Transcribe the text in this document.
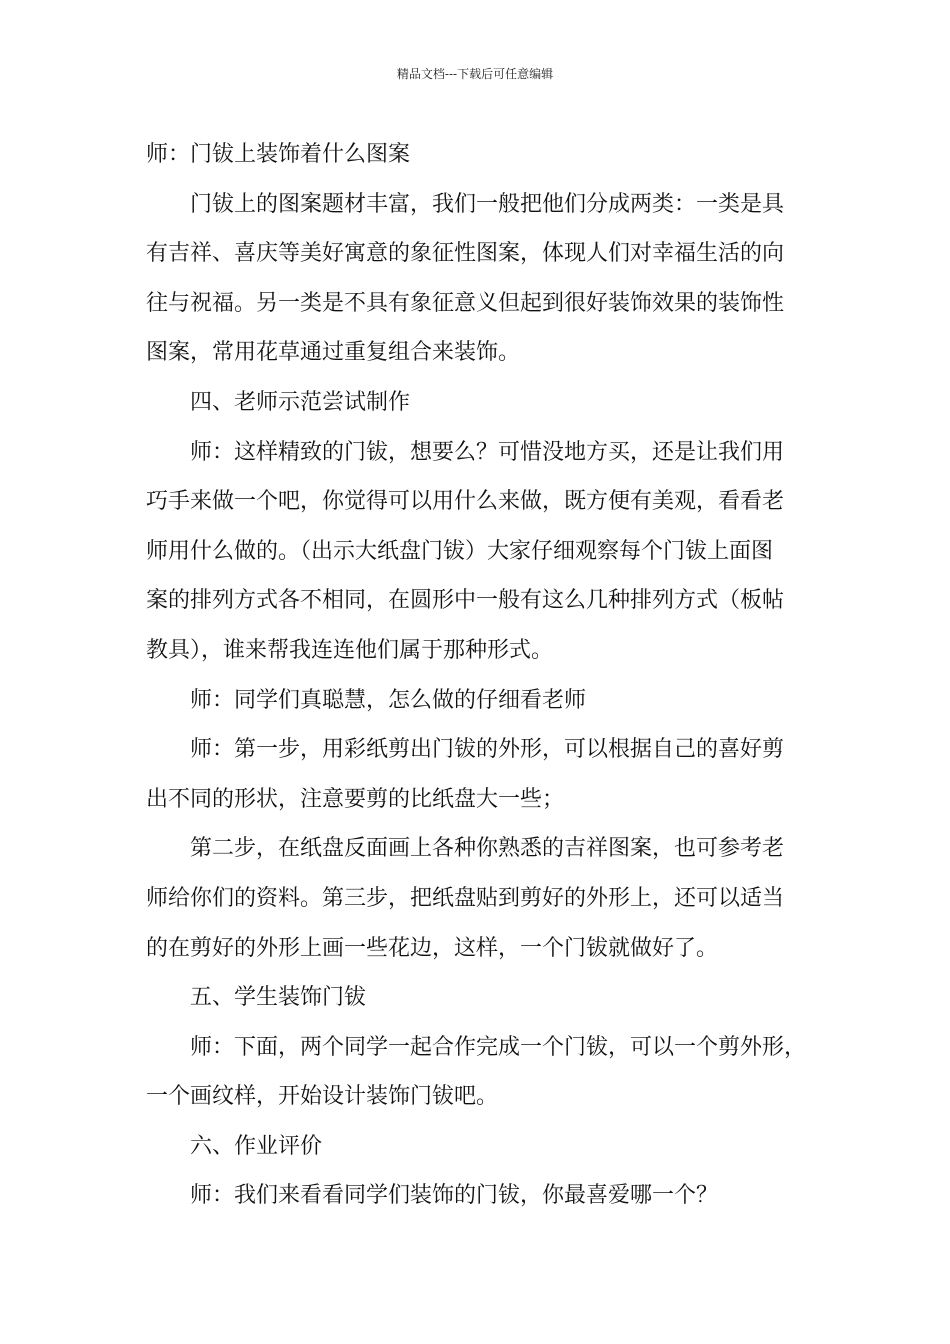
精品文档---下载后可任意编辑
师：门钹上装饰着什么图案
门钹上的图案题材丰富，我们一般把他们分成两类：一类是具
有吉祥、喜庆等美好寓意的象征性图案，体现人们对幸福生活的向
往与祝福。另一类是不具有象征意义但起到很好装饰效果的装饰性
图案，常用花草通过重复组合来装饰。
四、老师示范尝试制作
师：这样精致的门钹，想要么？可惜没地方买，还是让我们用
巧手来做一个吧，你觉得可以用什么来做，既方便有美观，看看老
师用什么做的。（出示大纸盘门钹）大家仔细观察每个门钹上面图
案的排列方式各不相同，在圆形中一般有这么几种排列方式（板帖
教具），谁来帮我连连他们属于那种形式。
师：同学们真聪慧，怎么做的仔细看老师
师：第一步，用彩纸剪出门钹的外形，可以根据自己的喜好剪
出不同的形状，注意要剪的比纸盘大一些；
第二步，在纸盘反面画上各种你熟悉的吉祥图案，也可参考老
师给你们的资料。第三步，把纸盘贴到剪好的外形上，还可以适当
的在剪好的外形上画一些花边，这样，一个门钹就做好了。
五、学生装饰门钹
师：下面，两个同学一起合作完成一个门钹，可以一个剪外形，
一个画纹样，开始设计装饰门钹吧。
六、作业评价
师：我们来看看同学们装饰的门钹，你最喜爱哪一个？
